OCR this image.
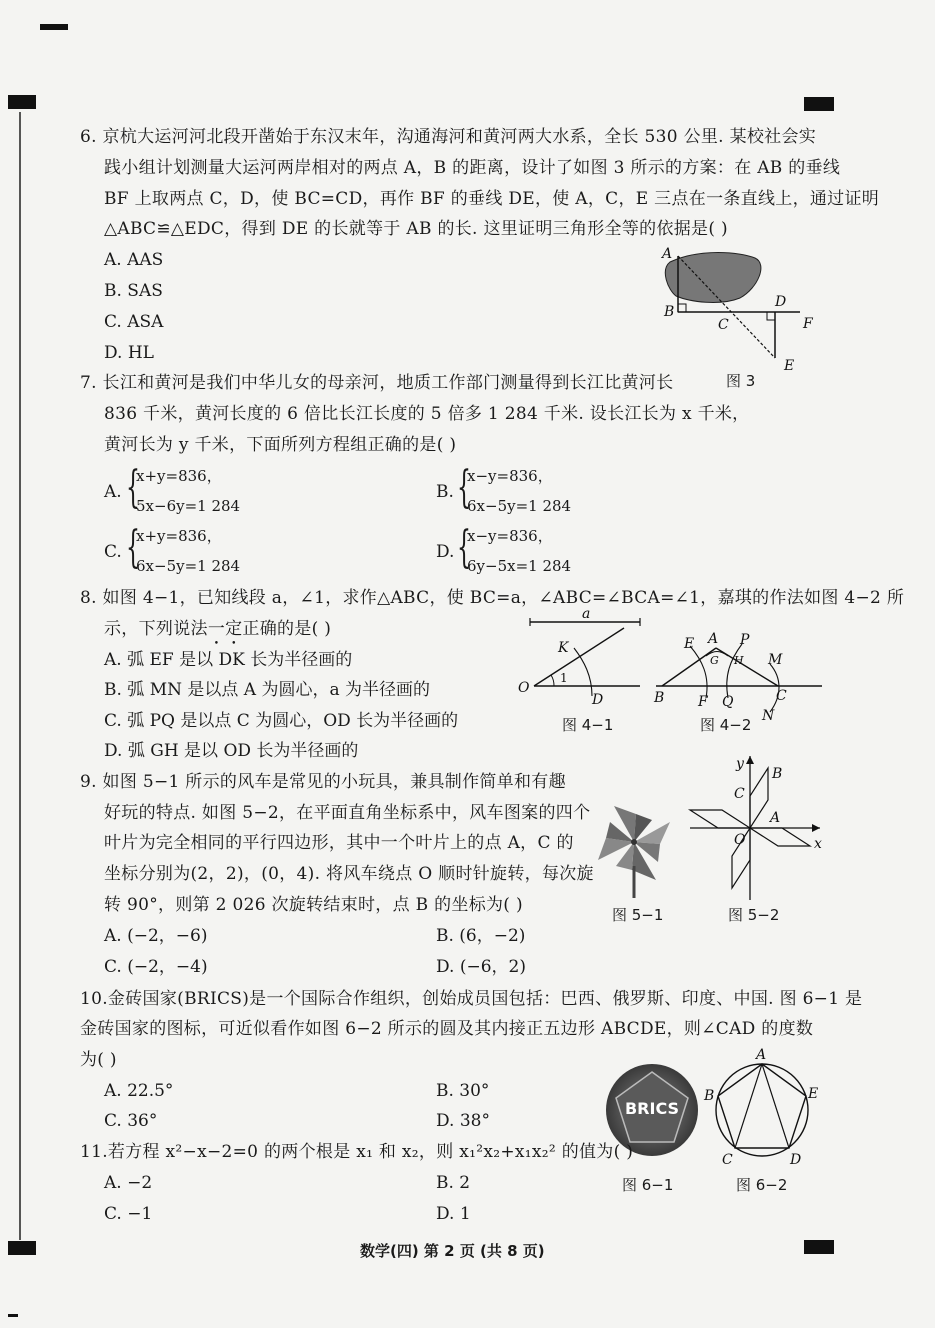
6. 京杭大运河河北段开凿始于东汉末年，沟通海河和黄河两大水系，全长 530 公里. 某校社会实
践小组计划测量大运河两岸相对的两点 A，B 的距离，设计了如图 3 所示的方案：在 AB 的垂线
BF 上取两点 C，D，使 BC=CD，再作 BF 的垂线 DE，使 A，C，E 三点在一条直线上，通过证明
△ABC≌△EDC，得到 DE 的长就等于 AB 的长. 这里证明三角形全等的依据是( )
A. AAS
B. SAS
C. ASA
D. HL
A
B
C
D
F
E
图 3
7. 长江和黄河是我们中华儿女的母亲河，地质工作部门测量得到长江比黄河长
836 千米，黄河长度的 6 倍比长江长度的 5 倍多 1 284 千米. 设长江长为 x 千米，
黄河长为 y 千米，下面所列方程组正确的是( )
A. {
x+y=836，
5x−6y=1 284
B. {
x−y=836，
6x−5y=1 284
C. {
x+y=836，
6x−5y=1 284
D. {
x−y=836，
6y−5x=1 284
8. 如图 4−1，已知线段 a，∠1，求作△ABC，使 BC=a，∠ABC=∠BCA=∠1，嘉琪的作法如图 4−2 所
示，下列说法一定正确的是( )
A. 弧 EF 是以 DK 长为半径画的
B. 弧 MN 是以点 A 为圆心，a 为半径画的
C. 弧 PQ 是以点 C 为圆心，OD 长为半径画的
D. 弧 GH 是以 OD 长为半径画的
a
K
O
1
D
图 4−1
E A P
G H M
B F Q	C
N
图 4−2
9. 如图 5−1 所示的风车是常见的小玩具，兼具制作简单和有趣
好玩的特点. 如图 5−2，在平面直角坐标系中，风车图案的四个
叶片为完全相同的平行四边形，其中一个叶片上的点 A，C 的
坐标分别为(2，2)，(0，4). 将风车绕点 O 顺时针旋转，每次旋
转 90°，则第 2 026 次旋转结束时，点 B 的坐标为( )
A. (−2，−6)	B. (6，−2)
C. (−2，−4)	D. (−6，2)
图 5−1
y
B
C
A
O	x
图 5−2
10.金砖国家(BRICS)是一个国际合作组织，创始成员国包括：巴西、俄罗斯、印度、中国. 图 6−1 是
金砖国家的图标，可近似看作如图 6−2 所示的圆及其内接正五边形 ABCDE，则∠CAD 的度数
为( )
A. 22.5°	B. 30°
C. 36°	D. 38°
BRICS
图 6−1
A
B	E
C	D
图 6−2
11.若方程 x²−x−2=0 的两个根是 x₁ 和 x₂，则 x₁²x₂+x₁x₂² 的值为( )
A. −2	B. 2
C. −1	D. 1
数学(四) 第 2 页 (共 8 页)
